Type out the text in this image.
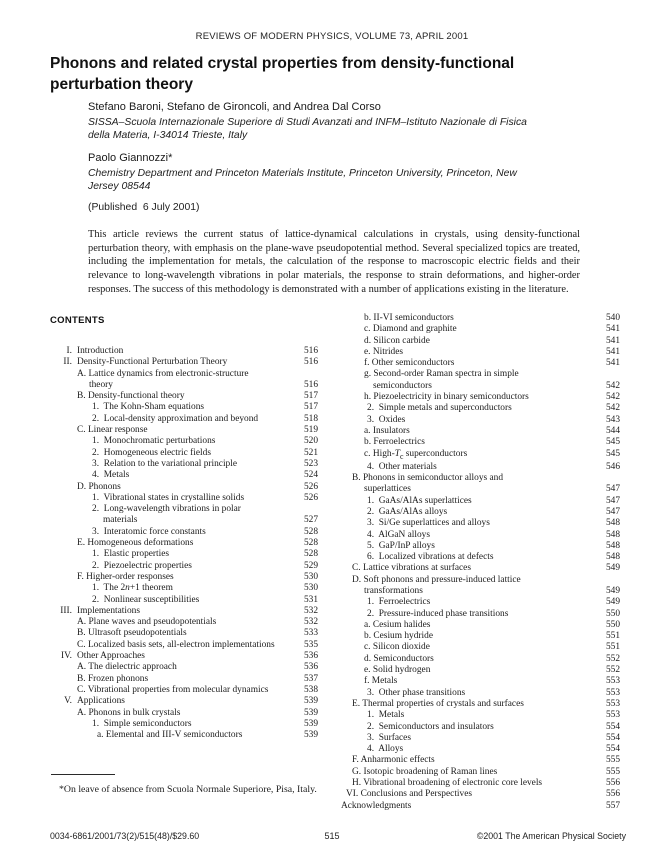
REVIEWS OF MODERN PHYSICS, VOLUME 73, APRIL 2001
Phonons and related crystal properties from density-functional perturbation theory
Stefano Baroni, Stefano de Gironcoli, and Andrea Dal Corso
SISSA–Scuola Internazionale Superiore di Studi Avanzati and INFM–Istituto Nazionale di Fisica della Materia, I-34014 Trieste, Italy
Paolo Giannozzi*
Chemistry Department and Princeton Materials Institute, Princeton University, Princeton, New Jersey 08544
(Published  6 July 2001)
This article reviews the current status of lattice-dynamical calculations in crystals, using density-functional perturbation theory, with emphasis on the plane-wave pseudopotential method. Several specialized topics are treated, including the implementation for metals, the calculation of the response to macroscopic electric fields and their relevance to long-wavelength vibrations in polar materials, the response to strain deformations, and higher-order responses. The success of this methodology is demonstrated with a number of applications existing in the literature.
CONTENTS
I. Introduction	516
II. Density-Functional Perturbation Theory	516
A. Lattice dynamics from electronic-structure
theory	516
B. Density-functional theory	517
1.  The Kohn-Sham equations	517
2.  Local-density approximation and beyond	518
C. Linear response	519
1.  Monochromatic perturbations	520
2.  Homogeneous electric fields	521
3.  Relation to the variational principle	523
4.  Metals	524
D. Phonons	526
1.  Vibrational states in crystalline solids	526
2.  Long-wavelength vibrations in polar
materials	527
3.  Interatomic force constants	528
E. Homogeneous deformations	528
1.  Elastic properties	528
2.  Piezoelectric properties	529
F. Higher-order responses	530
1.  The 2n+1 theorem	530
2.  Nonlinear susceptibilities	531
III. Implementations	532
A. Plane waves and pseudopotentials	532
B. Ultrasoft pseudopotentials	533
C. Localized basis sets, all-electron implementations	535
IV. Other Approaches	536
A. The dielectric approach	536
B. Frozen phonons	537
C. Vibrational properties from molecular dynamics	538
V. Applications	539
A. Phonons in bulk crystals	539
1.  Simple semiconductors	539
a. Elemental and III-V semiconductors	539
b. II-VI semiconductors	540
c. Diamond and graphite	541
d. Silicon carbide	541
e. Nitrides	541
f. Other semiconductors	541
g. Second-order Raman spectra in simple
semiconductors	542
h. Piezoelectricity in binary semiconductors	542
2.  Simple metals and superconductors	542
3.  Oxides	543
a. Insulators	544
b. Ferroelectrics	545
c. High-$T_c$ superconductors	545
4.  Other materials	546
B. Phonons in semiconductor alloys and
superlattices	547
1.  GaAs/AlAs superlattices	547
2.  GaAs/AlAs alloys	547
3.  Si/Ge superlattices and alloys	548
4.  AlGaN alloys	548
5.  GaP/InP alloys	548
6.  Localized vibrations at defects	548
C. Lattice vibrations at surfaces	549
D. Soft phonons and pressure-induced lattice
transformations	549
1.  Ferroelectrics	549
2.  Pressure-induced phase transitions	550
a. Cesium halides	550
b. Cesium hydride	551
c. Silicon dioxide	551
d. Semiconductors	552
e. Solid hydrogen	552
f. Metals	553
3.  Other phase transitions	553
E. Thermal properties of crystals and surfaces	553
1.  Metals	553
2.  Semiconductors and insulators	554
3.  Surfaces	554
4.  Alloys	554
F. Anharmonic effects	555
G. Isotopic broadening of Raman lines	555
H. Vibrational broadening of electronic core levels	556
VI. Conclusions and Perspectives	556
Acknowledgments	557
*On leave of absence from Scuola Normale Superiore, Pisa, Italy.
0034-6861/2001/73(2)/515(48)/$29.60	515	©2001 The American Physical Society
